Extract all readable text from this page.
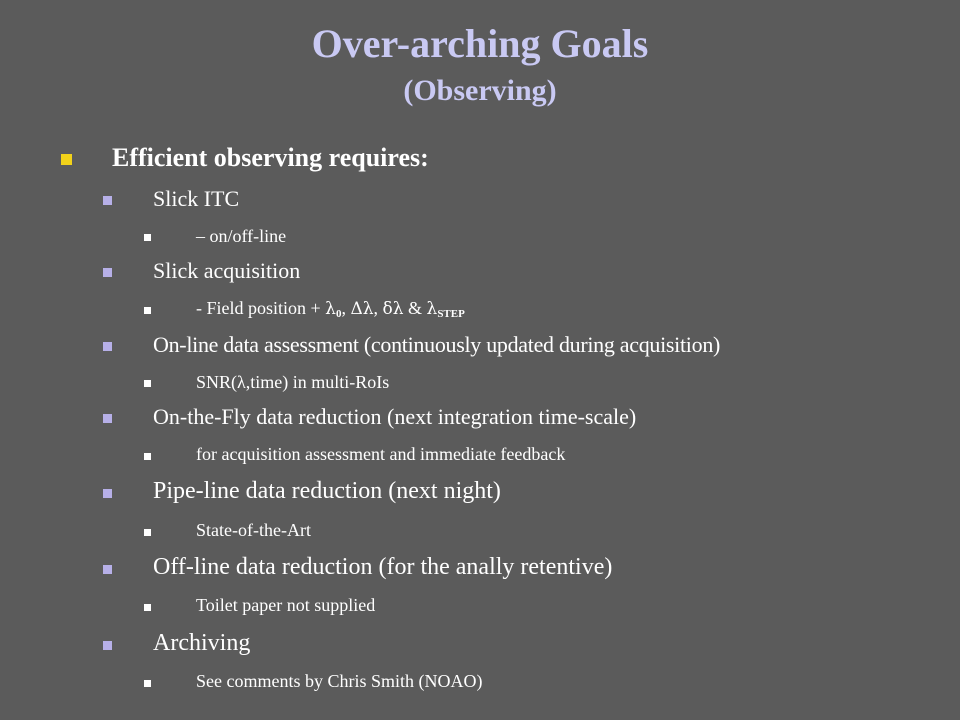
Over-arching Goals
(Observing)
Efficient observing requires:
Slick ITC
– on/off-line
Slick acquisition
- Field position + $\lambda_0$, Δλ, δλ & $\lambda_{STEP}$
On-line data assessment (continuously updated during acquisition)
SNR(λ,time) in multi-RoIs
On-the-Fly data reduction (next integration time-scale)
for acquisition assessment and immediate feedback
Pipe-line data reduction (next night)
State-of-the-Art
Off-line data reduction (for the anally retentive)
Toilet paper not supplied
Archiving
See comments by Chris Smith (NOAO)
